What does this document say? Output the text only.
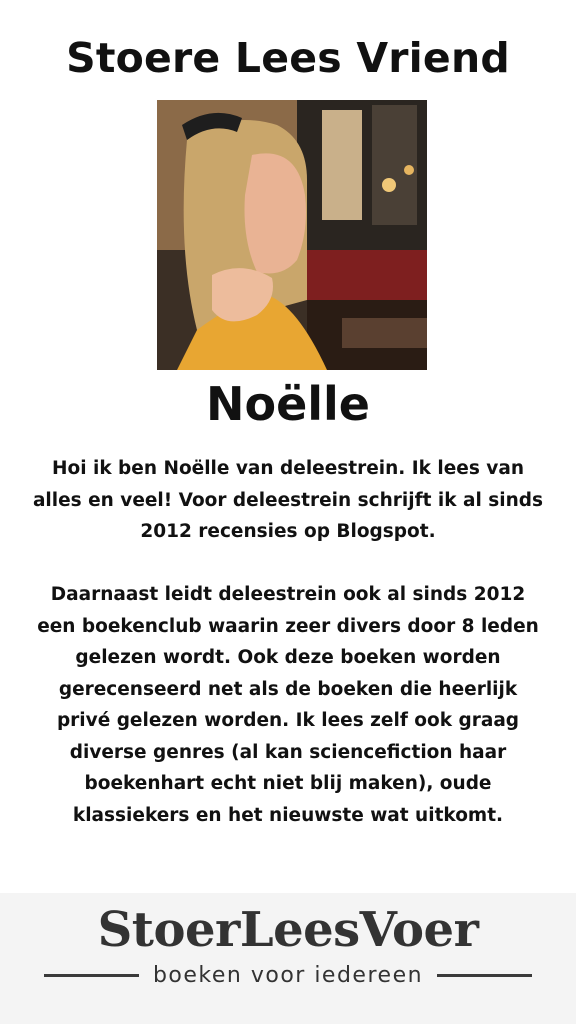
Stoere Lees Vriend
Noëlle

Hoi ik ben Noëlle van deleestrein. Ik lees van alles en veel! Voor deleestrein schrijft ik al sinds 2012 recensies op Blogspot.

Daarnaast leidt deleestrein ook al sinds 2012 een boekenclub waarin zeer divers door 8 leden gelezen wordt. Ook deze boeken worden gerecenseerd net als de boeken die heerlijk privé gelezen worden. Ik lees zelf ook graag diverse genres (al kan sciencefiction haar boekenhart echt niet blij maken), oude klassiekers en het nieuwste wat uitkomt.

StoerLeesVoer
boeken voor iedereen
